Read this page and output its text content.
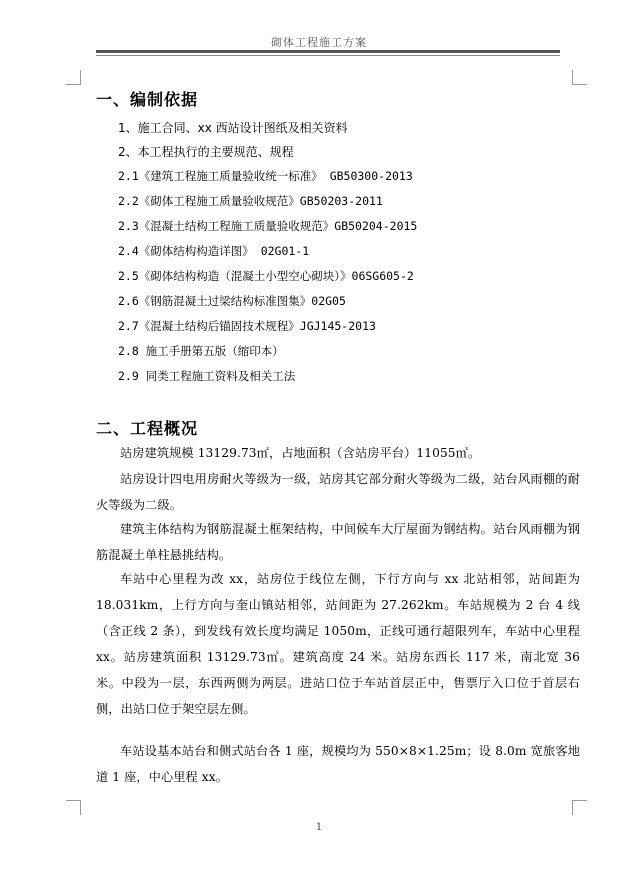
砌体工程施工方案
一、编制依据
1、施工合同、xx 西站设计图纸及相关资料
2、本工程执行的主要规范、规程
2.1《建筑工程施工质量验收统一标准》 GB50300-2013
2.2《砌体工程施工质量验收规范》GB50203-2011
2.3《混凝土结构工程施工质量验收规范》GB50204-2015
2.4《砌体结构构造详图》 02G01-1
2.5《砌体结构构造（混凝土小型空心砌块）》06SG605-2
2.6《钢筋混凝土过梁结构标准图集》02G05
2.7《混凝土结构后锚固技术规程》JGJ145-2013
2.8 施工手册第五版（缩印本）
2.9 同类工程施工资料及相关工法
二、工程概况
站房建筑规模 13129.73㎡，占地面积（含站房平台）11055㎡。
站房设计四电用房耐火等级为一级，站房其它部分耐火等级为二级，站台风雨棚的耐火等级为二级。
建筑主体结构为钢筋混凝土框架结构，中间候车大厅屋面为钢结构。站台风雨棚为钢筋混凝土单柱悬挑结构。
车站中心里程为改 xx，站房位于线位左侧，下行方向与 xx 北站相邻，站间距为 18.031km，上行方向与奎山镇站相邻，站间距为 27.262km。车站规模为 2 台 4 线（含正线 2 条），到发线有效长度均满足 1050m，正线可通行超限列车，车站中心里程 xx。站房建筑面积 13129.73㎡。建筑高度 24 米。站房东西长 117 米，南北宽 36 米。中段为一层，东西两侧为两层。进站口位于车站首层正中，售票厅入口位于首层右侧，出站口位于架空层左侧。
车站设基本站台和侧式站台各 1 座，规模均为 550×8×1.25m；设 8.0m 宽旅客地道 1 座，中心里程 xx。
1
